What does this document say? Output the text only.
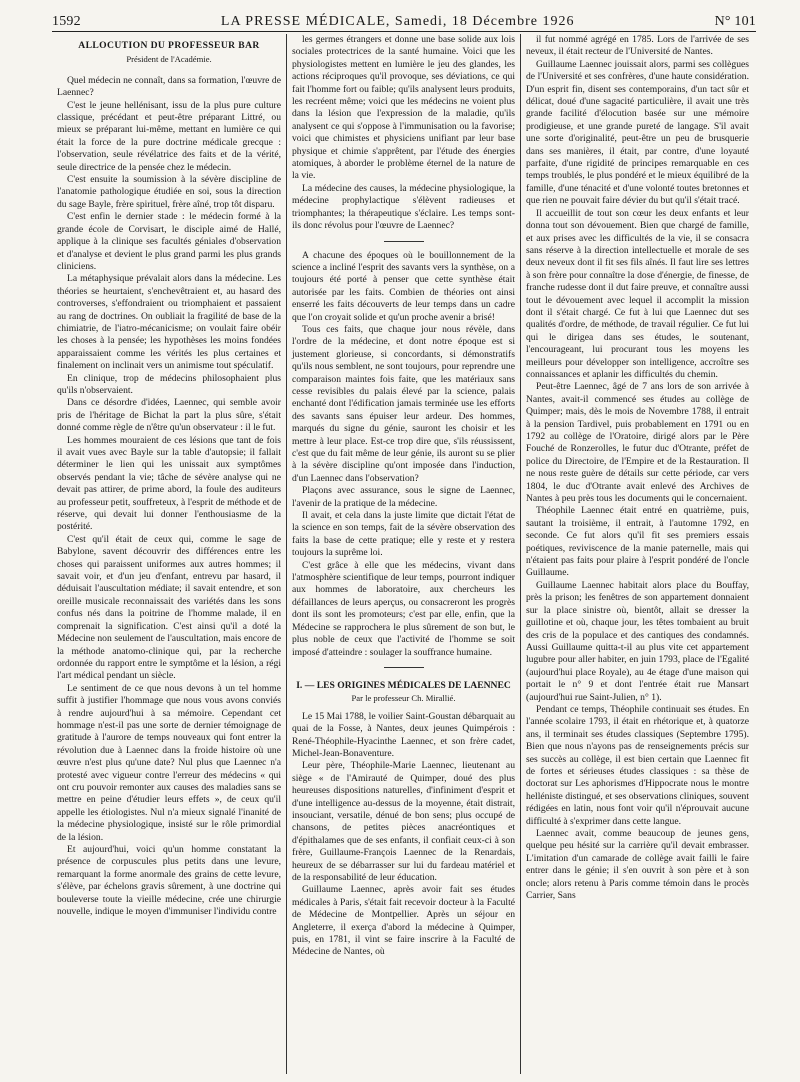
1592	LA PRESSE MÉDICALE, Samedi, 18 Décembre 1926	N° 101
ALLOCUTION DU PROFESSEUR BAR
Président de l'Académie.

Quel médecin ne connaît, dans sa formation, l'œuvre de Laennec?

C'est le jeune hellénisant, issu de la plus pure culture classique, précédant et peut-être préparant Littré, ou mieux se préparant lui-même, mettant en lumière ce qui était la force de la pure doctrine médicale grecque : l'observation, seule révélatrice des faits et de la vérité, seule directrice de la pensée chez le médecin.

C'est ensuite la soumission à la sévère discipline de l'anatomie pathologique étudiée en soi, sous la direction du sage Bayle, frère spirituel, frère aîné, trop tôt disparu.

C'est enfin le dernier stade : le médecin formé à la grande école de Corvisart, le disciple aimé de Hallé, applique à la clinique ses facultés géniales d'observation et d'analyse et devient le plus grand parmi les plus grands cliniciens.

La métaphysique prévalait alors dans la médecine. Les théories se heurtaient, s'enchevêtraient et, au hasard des controverses, s'effondraient ou triomphaient et passaient au rang de doctrines. On oubliait la fragilité de base de la chimiatrie, de l'iatro-mécanicisme; on voulait faire obéir les choses à la pensée; les hypothèses les moins fondées apparaissaient comme les vérités les plus certaines et finalement on inclinait vers un animisme tout spéculatif.

En clinique, trop de médecins philosophaient plus qu'ils n'observaient.

Dans ce désordre d'idées, Laennec, qui semble avoir pris de l'héritage de Bichat la part la plus sûre, s'était donné comme règle de n'être qu'un observateur : il le fut.

Les hommes mouraient de ces lésions que tant de fois il avait vues avec Bayle sur la table d'autopsie; il fallait déterminer le lien qui les unissait aux symptômes observés pendant la vie; tâche de sévère analyse qui ne devait pas attirer, de prime abord, la foule des auditeurs au professeur petit, souffreteux, à l'esprit de méthode et de réserve, qui devait lui donner l'enthousiasme de la postérité.

C'est qu'il était de ceux qui, comme le sage de Babylone, savent découvrir des différences entre les choses qui paraissent uniformes aux autres hommes; il savait voir, et d'un jeu d'enfant, entrevu par hasard, il déduisait l'auscultation médiate; il savait entendre, et son oreille musicale reconnaissait des variétés dans les sons confus nés dans la poitrine de l'homme malade, il en comprenait la signification. C'est ainsi qu'il a doté la Médecine non seulement de l'auscultation, mais encore de la méthode anatomo-clinique qui, par la recherche ordonnée du rapport entre le symptôme et la lésion, a régi l'art médical pendant un siècle.

Le sentiment de ce que nous devons à un tel homme suffit à justifier l'hommage que nous vous avons conviés à rendre aujourd'hui à sa mémoire. Cependant cet hommage n'est-il pas une sorte de dernier témoignage de gratitude à l'aurore de temps nouveaux qui font entrer la révolution due à Laennec dans la froide histoire où une œuvre n'est plus qu'une date? Nul plus que Laennec n'a protesté avec vigueur contre l'erreur des médecins « qui ont cru pouvoir remonter aux causes des maladies sans se mettre en peine d'étudier leurs effets », de ceux qu'il appelle les étiologistes. Nul n'a mieux signalé l'inanité de la médecine physiologique, insisté sur le rôle primordial de la lésion.

Et aujourd'hui, voici qu'un homme constatant la présence de corpuscules plus petits dans une levure, remarquant la forme anormale des grains de cette levure, s'élève, par échelons gravis sûrement, à une doctrine qui bouleverse toute la vieille médecine, crée une chirurgie nouvelle, indique le moyen d'immuniser l'individu contre

les germes étrangers et donne une base solide aux lois sociales protectrices de la santé humaine. Voici que les physiologistes mettent en lumière le jeu des glandes, les actions réciproques qu'il provoque, ses déviations, ce qui fait l'homme fort ou faible; qu'ils analysent leurs produits, les recréent même; voici que les médecins ne voient plus dans la lésion que l'expression de la maladie, qu'ils analysent ce qui s'oppose à l'immunisation ou la favorise; voici que chimistes et physiciens unifiant par leur base physique et chimie s'apprêtent, par l'étude des énergies atomiques, à aborder le problème éternel de la nature de la vie.

La médecine des causes, la médecine physiologique, la médecine prophylactique s'élèvent radieuses et triomphantes; la thérapeutique s'éclaire. Les temps sont-ils donc révolus pour l'œuvre de Laennec?

A chacune des époques où le bouillonnement de la science a incliné l'esprit des savants vers la synthèse, on a toujours été porté à penser que cette synthèse était autorisée par les faits. Combien de théories ont ainsi enserré les faits découverts de leur temps dans un cadre que l'on croyait solide et qu'un proche avenir a brisé!

Tous ces faits, que chaque jour nous révèle, dans l'ordre de la médecine, et dont notre époque est si justement glorieuse, si concordants, si démonstratifs qu'ils nous semblent, ne sont toujours, pour reprendre une comparaison maintes fois faite, que les matériaux sans cesse revisibles du palais élevé par la science, palais enchanté dont l'édification jamais terminée use les efforts des savants sans épuiser leur ardeur. Des hommes, marqués du signe du génie, sauront les choisir et les mettre à leur place. Est-ce trop dire que, s'ils réussissent, c'est que du fait même de leur génie, ils auront su se plier à la sévère discipline qu'ont imposée dans l'induction, d'un Laennec dans l'observation?

Plaçons avec assurance, sous le signe de Laennec, l'avenir de la pratique de la médecine.

Il avait, et cela dans la juste limite que dictait l'état de la science en son temps, fait de la sévère observation des faits la base de cette pratique; elle y reste et y restera toujours la suprême loi.

C'est grâce à elle que les médecins, vivant dans l'atmosphère scientifique de leur temps, pourront indiquer aux hommes de laboratoire, aux chercheurs les défaillances de leurs aperçus, ou consacreront les progrès dont ils sont les promoteurs; c'est par elle, enfin, que la Médecine se rapprochera le plus sûrement de son but, le plus noble de ceux que l'activité de l'homme se soit imposé d'atteindre : soulager la souffrance humaine.

I. — LES ORIGINES MÉDICALES DE LAENNEC
Par le professeur Ch. Mirallié.

Le 15 Mai 1788, le voilier Saint-Goustan débarquait au quai de la Fosse, à Nantes, deux jeunes Quimpérois : René-Théophile-Hyacinthe Laennec, et son frère cadet, Michel-Jean-Bonaventure.

Leur père, Théophile-Marie Laennec, lieutenant au siège « de l'Amirauté de Quimper, doué des plus heureuses dispositions naturelles, d'infiniment d'esprit et d'une intelligence au-dessus de la moyenne, était distrait, insouciant, versatile, dénué de bon sens; plus occupé de chansons, de petites pièces anacréontiques et d'épithalames que de ses enfants, il confiait ceux-ci à son frère, Guillaume-François Laennec de la Renardais, heureux de se débarrasser sur lui du fardeau matériel et de la responsabilité de leur éducation.

Guillaume Laennec, après avoir fait ses études médicales à Paris, s'était fait recevoir docteur à la Faculté de Médecine de Montpellier. Après un séjour en Angleterre, il exerça d'abord la médecine à Quimper, puis, en 1781, il vint se faire inscrire à la Faculté de Médecine de Nantes, où

il fut nommé agrégé en 1785. Lors de l'arrivée de ses neveux, il était recteur de l'Université de Nantes.

Guillaume Laennec jouissait alors, parmi ses collègues de l'Université et ses confrères, d'une haute considération. D'un esprit fin, disent ses contemporains, d'un tact sûr et délicat, doué d'une sagacité particulière, il avait une très grande facilité d'élocution basée sur une mémoire prodigieuse, et une grande pureté de langage. S'il avait une sorte d'originalité, peut-être un peu de brusquerie dans ses manières, il était, par contre, d'une loyauté parfaite, d'une rigidité de principes remarquable en ces temps troublés, le plus pondéré et le mieux équilibré de la famille, d'une ténacité et d'une volonté toutes bretonnes et que rien ne pouvait faire dévier du but qu'il s'était tracé.

Il accueillit de tout son cœur les deux enfants et leur donna tout son dévouement. Bien que chargé de famille, et aux prises avec les difficultés de la vie, il se consacra sans réserve à la direction intellectuelle et morale de ses deux neveux dont il fit ses fils aînés. Il faut lire ses lettres à son frère pour connaître la dose d'énergie, de finesse, de franche rudesse dont il dut faire preuve, et connaître aussi tout le dévouement avec lequel il accomplit la mission dont il s'était chargé. Ce fut à lui que Laennec dut ses qualités d'ordre, de méthode, de travail régulier. Ce fut lui qui le dirigea dans ses études, le soutenant, l'encourageant, lui procurant tous les moyens les meilleurs pour développer son intelligence, accroître ses connaissances et aplanir les difficultés du chemin.

Peut-être Laennec, âgé de 7 ans lors de son arrivée à Nantes, avait-il commencé ses études au collège de Quimper; mais, dès le mois de Novembre 1788, il entrait à la pension Tardivel, puis probablement en 1791 ou en 1792 au collège de l'Oratoire, dirigé alors par le Père Fouché de Ronzerolles, le futur duc d'Otrante, préfet de police du Directoire, de l'Empire et de la Restauration. Il ne nous reste guère de détails sur cette période, car vers 1804, le duc d'Otrante avait enlevé des Archives de Nantes à peu près tous les documents qui le concernaient.

Théophile Laennec était entré en quatrième, puis, sautant la troisième, il entrait, à l'automne 1792, en seconde. Ce fut alors qu'il fit ses premiers essais poétiques, reviviscence de la manie paternelle, mais qui n'étaient pas faits pour plaire à l'esprit pondéré de l'oncle Guillaume.

Guillaume Laennec habitait alors place du Bouffay, près la prison; les fenêtres de son appartement donnaient sur la place sinistre où, bientôt, allait se dresser la guillotine et où, chaque jour, les têtes tombaient au bruit des cris de la populace et des cantiques des condamnés. Aussi Guillaume quitta-t-il au plus vite cet appartement lugubre pour aller habiter, en juin 1793, place de l'Egalité (aujourd'hui place Royale), au 4e étage d'une maison qui portait le n° 9 et dont l'entrée était rue Mansart (aujourd'hui rue Saint-Julien, n° 1).

Pendant ce temps, Théophile continuait ses études. En l'année scolaire 1793, il était en rhétorique et, à quatorze ans, il terminait ses études classiques (Septembre 1795). Bien que nous n'ayons pas de renseignements précis sur ses succès au collège, il est bien certain que Laennec fit de fortes et sérieuses études classiques : sa thèse de doctorat sur Les aphorismes d'Hippocrate nous le montre helléniste distingué, et ses observations cliniques, souvent rédigées en latin, nous font voir qu'il n'éprouvait aucune difficulté à s'exprimer dans cette langue.

Laennec avait, comme beaucoup de jeunes gens, quelque peu hésité sur la carrière qu'il devait embrasser. L'imitation d'un camarade de collège avait failli le faire entrer dans le génie; il s'en ouvrit à son père et à son oncle; alors retenu à Paris comme témoin dans le procès Carrier, Sans
